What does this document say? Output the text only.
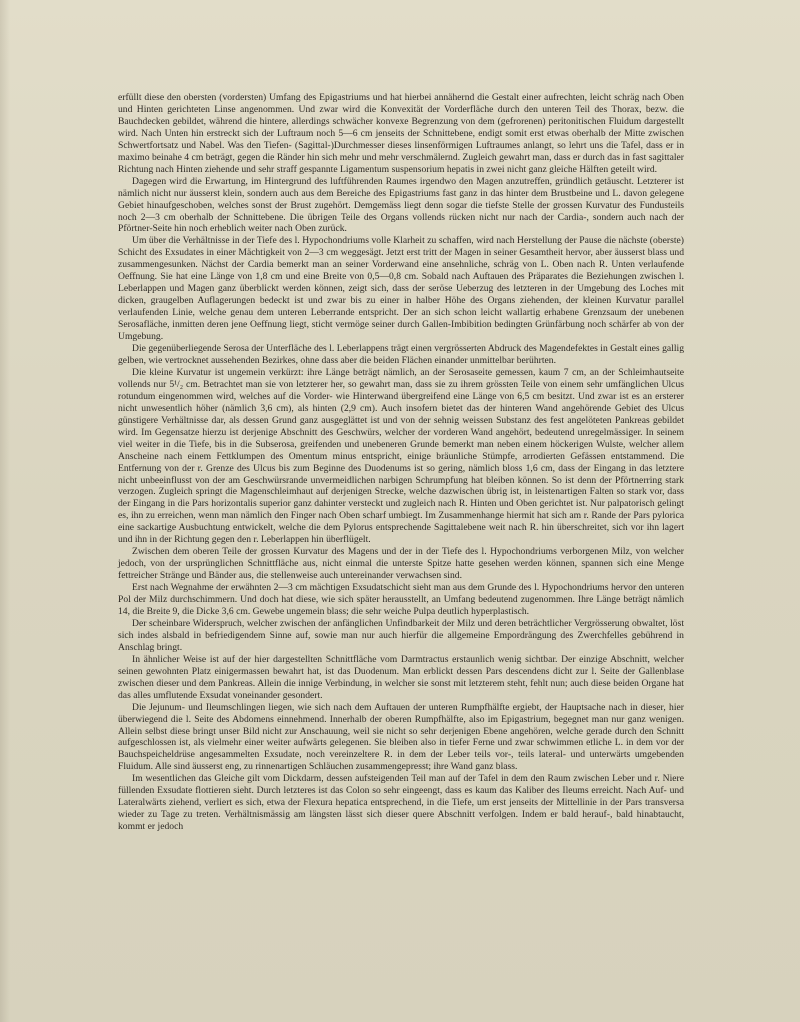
erfüllt diese den obersten (vordersten) Umfang des Epigastriums und hat hierbei annähernd die Gestalt einer aufrechten, leicht schräg nach Oben und Hinten gerichteten Linse angenommen. Und zwar wird die Konvexität der Vorderfläche durch den unteren Teil des Thorax, bezw. die Bauchdecken gebildet, während die hintere, allerdings schwächer konvexe Begrenzung von dem (gefrorenen) peritonitischen Fluidum dargestellt wird. Nach Unten hin erstreckt sich der Luftraum noch 5—6 cm jenseits der Schnittebene, endigt somit erst etwas oberhalb der Mitte zwischen Schwertfortsatz und Nabel. Was den Tiefen- (Sagittal-)Durchmesser dieses linsenförmigen Luftraumes anlangt, so lehrt uns die Tafel, dass er in maximo beinahe 4 cm beträgt, gegen die Ränder hin sich mehr und mehr verschmälernd. Zugleich gewahrt man, dass er durch das in fast sagittaler Richtung nach Hinten ziehende und sehr straff gespannte Ligamentum suspensorium hepatis in zwei nicht ganz gleiche Hälften geteilt wird.

Dagegen wird die Erwartung, im Hintergrund des luftführenden Raumes irgendwo den Magen anzutreffen, gründlich getäuscht. Letzterer ist nämlich nicht nur äusserst klein, sondern auch aus dem Bereiche des Epigastriums fast ganz in das hinter dem Brustbeine und L. davon gelegene Gebiet hinaufgeschoben, welches sonst der Brust zugehört. Demgemäss liegt denn sogar die tiefste Stelle der grossen Kurvatur des Fundusteils noch 2—3 cm oberhalb der Schnittebene. Die übrigen Teile des Organs vollends rücken nicht nur nach der Cardia-, sondern auch nach der Pförtner-Seite hin noch erheblich weiter nach Oben zurück.

Um über die Verhältnisse in der Tiefe des l. Hypochondriums volle Klarheit zu schaffen, wird nach Herstellung der Pause die nächste (oberste) Schicht des Exsudates in einer Mächtigkeit von 2—3 cm weggesägt. Jetzt erst tritt der Magen in seiner Gesamtheit hervor, aber äusserst blass und zusammengesunken. Nächst der Cardia bemerkt man an seiner Vorderwand eine ansehnliche, schräg von L. Oben nach R. Unten verlaufende Oeffnung. Sie hat eine Länge von 1,8 cm und eine Breite von 0,5—0,8 cm. Sobald nach Auftauen des Präparates die Beziehungen zwischen l. Leberlappen und Magen ganz überblickt werden können, zeigt sich, dass der seröse Ueberzug des letzteren in der Umgebung des Loches mit dicken, graugelben Auflagerungen bedeckt ist und zwar bis zu einer in halber Höhe des Organs ziehenden, der kleinen Kurvatur parallel verlaufenden Linie, welche genau dem unteren Leberrande entspricht. Der an sich schon leicht wallartig erhabene Grenzsaum der unebenen Serosafläche, inmitten deren jene Oeffnung liegt, sticht vermöge seiner durch Gallen-Imbibition bedingten Grünfärbung noch schärfer ab von der Umgebung.

Die gegenüberliegende Serosa der Unterfläche des l. Leberlappens trägt einen vergrösserten Abdruck des Magendefektes in Gestalt eines gallig gelben, wie vertrocknet aussehenden Bezirkes, ohne dass aber die beiden Flächen einander unmittelbar berührten.

Die kleine Kurvatur ist ungemein verkürzt: ihre Länge beträgt nämlich, an der Serosaseite gemessen, kaum 7 cm, an der Schleimhautseite vollends nur 5¹/₂ cm. Betrachtet man sie von letzterer her, so gewahrt man, dass sie zu ihrem grössten Teile von einem sehr umfänglichen Ulcus rotundum eingenommen wird, welches auf die Vorder- wie Hinterwand übergreifend eine Länge von 6,5 cm besitzt. Und zwar ist es an ersterer nicht unwesentlich höher (nämlich 3,6 cm), als hinten (2,9 cm). Auch insofern bietet das der hinteren Wand angehörende Gebiet des Ulcus günstigere Verhältnisse dar, als dessen Grund ganz ausgeglättet ist und von der sehnig weissen Substanz des fest angelöteten Pankreas gebildet wird. Im Gegensatze hierzu ist derjenige Abschnitt des Geschwürs, welcher der vorderen Wand angehört, bedeutend unregelmässiger. In seinem viel weiter in die Tiefe, bis in die Subserosa, greifenden und unebeneren Grunde bemerkt man neben einem höckerigen Wulste, welcher allem Anscheine nach einem Fettklumpen des Omentum minus entspricht, einige bräunliche Stümpfe, arrodierten Gefässen entstammend. Die Entfernung von der r. Grenze des Ulcus bis zum Beginne des Duodenums ist so gering, nämlich bloss 1,6 cm, dass der Eingang in das letztere nicht unbeeinflusst von der am Geschwürsrande unvermeidlichen narbigen Schrumpfung hat bleiben können. So ist denn der Pförtnerring stark verzogen. Zugleich springt die Magenschleimhaut auf derjenigen Strecke, welche dazwischen übrig ist, in leistenartigen Falten so stark vor, dass der Eingang in die Pars horizontalis superior ganz dahinter versteckt und zugleich nach R. Hinten und Oben gerichtet ist. Nur palpatorisch gelingt es, ihn zu erreichen, wenn man nämlich den Finger nach Oben scharf umbiegt. Im Zusammenhange hiermit hat sich am r. Rande der Pars pylorica eine sackartige Ausbuchtung entwickelt, welche die dem Pylorus entsprechende Sagittalebene weit nach R. hin überschreitet, sich vor ihn lagert und ihn in der Richtung gegen den r. Leberlappen hin überflügelt.

Zwischen dem oberen Teile der grossen Kurvatur des Magens und der in der Tiefe des l. Hypochondriums verborgenen Milz, von welcher jedoch, von der ursprünglichen Schnittfläche aus, nicht einmal die unterste Spitze hatte gesehen werden können, spannen sich eine Menge fettreicher Stränge und Bänder aus, die stellenweise auch untereinander verwachsen sind.

Erst nach Wegnahme der erwähnten 2—3 cm mächtigen Exsudatschicht sieht man aus dem Grunde des l. Hypochondriums hervor den unteren Pol der Milz durchschimmern. Und doch hat diese, wie sich später herausstellt, an Umfang bedeutend zugenommen. Ihre Länge beträgt nämlich 14, die Breite 9, die Dicke 3,6 cm. Gewebe ungemein blass; die sehr weiche Pulpa deutlich hyperplastisch.

Der scheinbare Widerspruch, welcher zwischen der anfänglichen Unfindbarkeit der Milz und deren beträchtlicher Vergrösserung obwaltet, löst sich indes alsbald in befriedigendem Sinne auf, sowie man nur auch hierfür die allgemeine Empordrängung des Zwerchfelles gebührend in Anschlag bringt.

In ähnlicher Weise ist auf der hier dargestellten Schnittfläche vom Darmtractus erstaunlich wenig sichtbar. Der einzige Abschnitt, welcher seinen gewohnten Platz einigermassen bewahrt hat, ist das Duodenum. Man erblickt dessen Pars descendens dicht zur l. Seite der Gallenblase zwischen dieser und dem Pankreas. Allein die innige Verbindung, in welcher sie sonst mit letzterem steht, fehlt nun; auch diese beiden Organe hat das alles umflutende Exsudat voneinander gesondert.

Die Jejunum- und Ileumschlingen liegen, wie sich nach dem Auftauen der unteren Rumpfhälfte ergiebt, der Hauptsache nach in dieser, hier überwiegend die l. Seite des Abdomens einnehmend. Innerhalb der oberen Rumpfhälfte, also im Epigastrium, begegnet man nur ganz wenigen. Allein selbst diese bringt unser Bild nicht zur Anschauung, weil sie nicht so sehr derjenigen Ebene angehören, welche gerade durch den Schnitt aufgeschlossen ist, als vielmehr einer weiter aufwärts gelegenen. Sie bleiben also in tiefer Ferne und zwar schwimmen etliche L. in dem vor der Bauchspeicheldrüse angesammelten Exsudate, noch vereinzeltere R. in dem der Leber teils vor-, teils lateral- und unterwärts umgebenden Fluidum. Alle sind äusserst eng, zu rinnenartigen Schläuchen zusammengepresst; ihre Wand ganz blass.

Im wesentlichen das Gleiche gilt vom Dickdarm, dessen aufsteigenden Teil man auf der Tafel in dem den Raum zwischen Leber und r. Niere füllenden Exsudate flottieren sieht. Durch letzteres ist das Colon so sehr eingeengt, dass es kaum das Kaliber des Ileums erreicht. Nach Auf- und Lateralwärts ziehend, verliert es sich, etwa der Flexura hepatica entsprechend, in die Tiefe, um erst jenseits der Mittellinie in der Pars transversa wieder zu Tage zu treten. Verhältnismässig am längsten lässt sich dieser quere Abschnitt verfolgen. Indem er bald herauf-, bald hinabtaucht, kommt er jedoch
